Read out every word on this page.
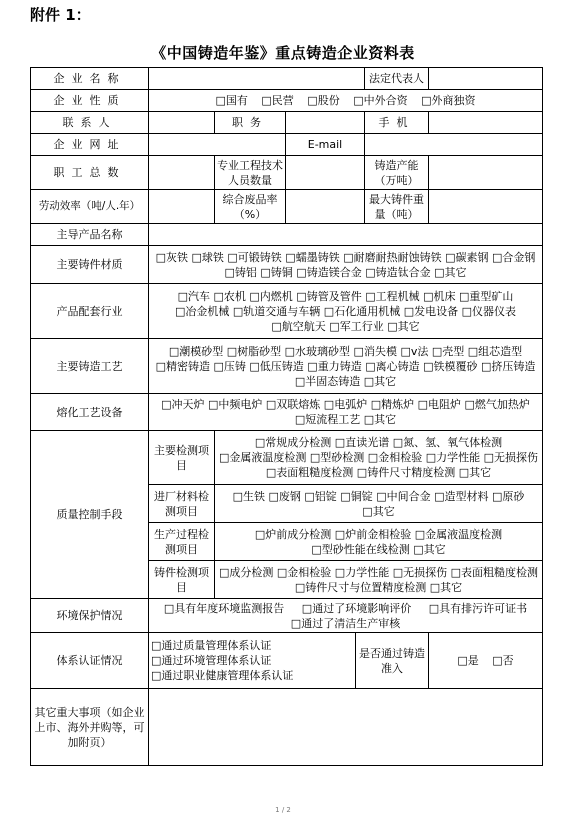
附件 1：
《中国铸造年鉴》重点铸造企业资料表
企业名称					法定代表人	
企业性质	□国有 □民营 □股份 □中外合资 □外商独资					
联系人		职务			手机	
企业网址			E-mail			
职工总数		专业工程技术人员数量			铸造产能（万吨）	
劳动效率（吨/人.年）		综合废品率（%）			最大铸件重量（吨）	
主导产品名称						
主要铸件材质	□灰铁 □球铁 □可锻铸铁 □蠕墨铸铁 □耐磨耐热耐蚀铸铁 □碳素钢 □合金钢 □铸铝 □铸铜 □铸造镁合金 □铸造钛合金 □其它					
产品配套行业	□汽车 □农机 □内燃机 □铸管及管件 □工程机械 □机床 □重型矿山 □冶金机械 □轨道交通与车辆 □石化通用机械 □发电设备 □仪器仪表 □航空航天 □军工行业 □其它					
主要铸造工艺	□潮模砂型 □树脂砂型 □水玻璃砂型 □消失模 □v法 □壳型 □组芯造型 □精密铸造 □压铸 □低压铸造 □重力铸造 □离心铸造 □铁模覆砂 □挤压铸造 □半固态铸造 □其它					
熔化工艺设备	□冲天炉 □中频电炉 □双联熔炼 □电弧炉 □精炼炉 □电阻炉 □燃气加热炉 □短流程工艺 □其它					
质量控制手段	主要检测项目	□常规成分检测 □直读光谱 □氮、氢、氧气体检测 □金属液温度检测 □型砂检测 □金相检验 □力学性能 □无损探伤 □表面粗糙度检测 □铸件尺寸精度检测 □其它				
	进厂材料检测项目	□生铁 □废钢 □铝锭 □铜锭 □中间合金 □造型材料 □原砂 □其它				
	生产过程检测项目	□炉前成分检测 □炉前金相检验 □金属液温度检测 □型砂性能在线检测 □其它				
	铸件检测项目	□成分检测 □金相检验 □力学性能 □无损探伤 □表面粗糙度检测 □铸件尺寸与位置精度检测 □其它				
环境保护情况	□具有年度环境监测报告 □通过了环境影响评价 □具有排污许可证书 □通过了清洁生产审核					
体系认证情况	□通过质量管理体系认证
□通过环境管理体系认证
□通过职业健康管理体系认证			是否通过铸造准入		□是 □否
其它重大事项（如企业上市、海外并购等，可加附页）						
1 / 2
